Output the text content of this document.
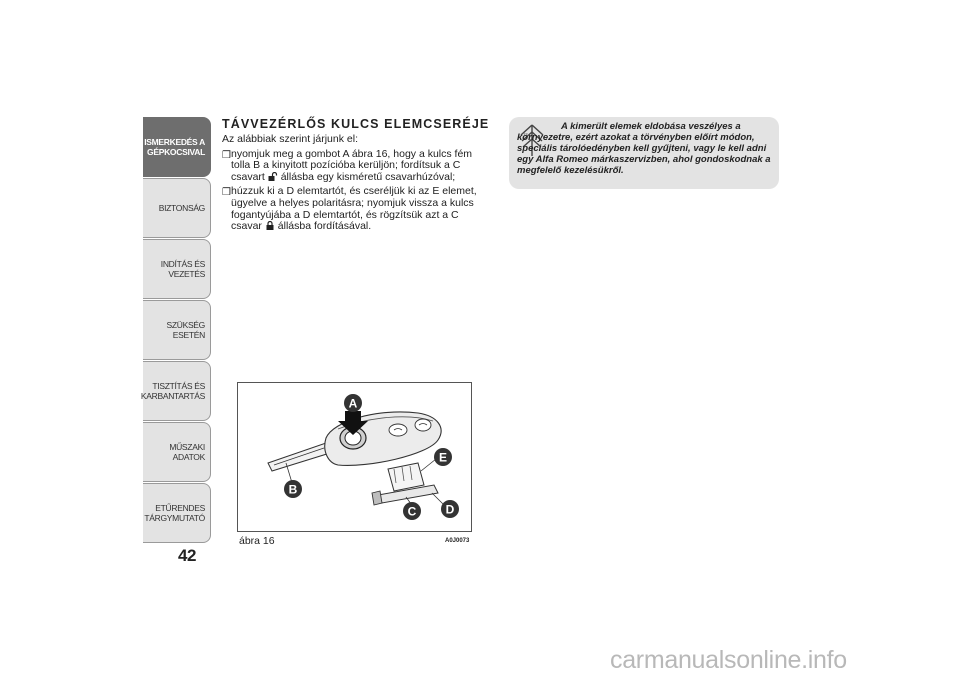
ISMERKEDÉS A
GÉPKOCSIVAL
BIZTONSÁG
INDÍTÁS ÉS VEZETÉS
SZÜKSÉG ESETÉN
TISZTÍTÁS ÉS
KARBANTARTÁS
MŰSZAKI ADATOK
ETŰRENDES
TÁRGYMUTATÓ
42
TÁVVEZÉRLŐS KULCS ELEMCSERÉJE
Az alábbiak szerint járjunk el:
❒ nyomjuk meg a gombot A ábra 16, hogy a kulcs fém tolla B a kinyitott pozícióba kerüljön; fordítsuk a C csavart állásba egy kisméretű csavarhúzóval;
❒ húzzuk ki a D elemtartót, és cseréljük ki az E elemet, ügyelve a helyes polaritásra; nyomjuk vissza a kulcs fogantyújába a D elemtartót, és rögzítsük azt a C csavar állásba fordításával.
A
B
C D
E
ábra 16	A0J0073
A kimerült elemek eldobása veszélyes a környezetre, ezért azokat a törvényben előírt módon, speciális tárolóedényben kell gyűjteni, vagy le kell adni egy Alfa Romeo márkaszervizben, ahol gondoskodnak a megfelelő kezelésükről.
carmanualsonline.info
